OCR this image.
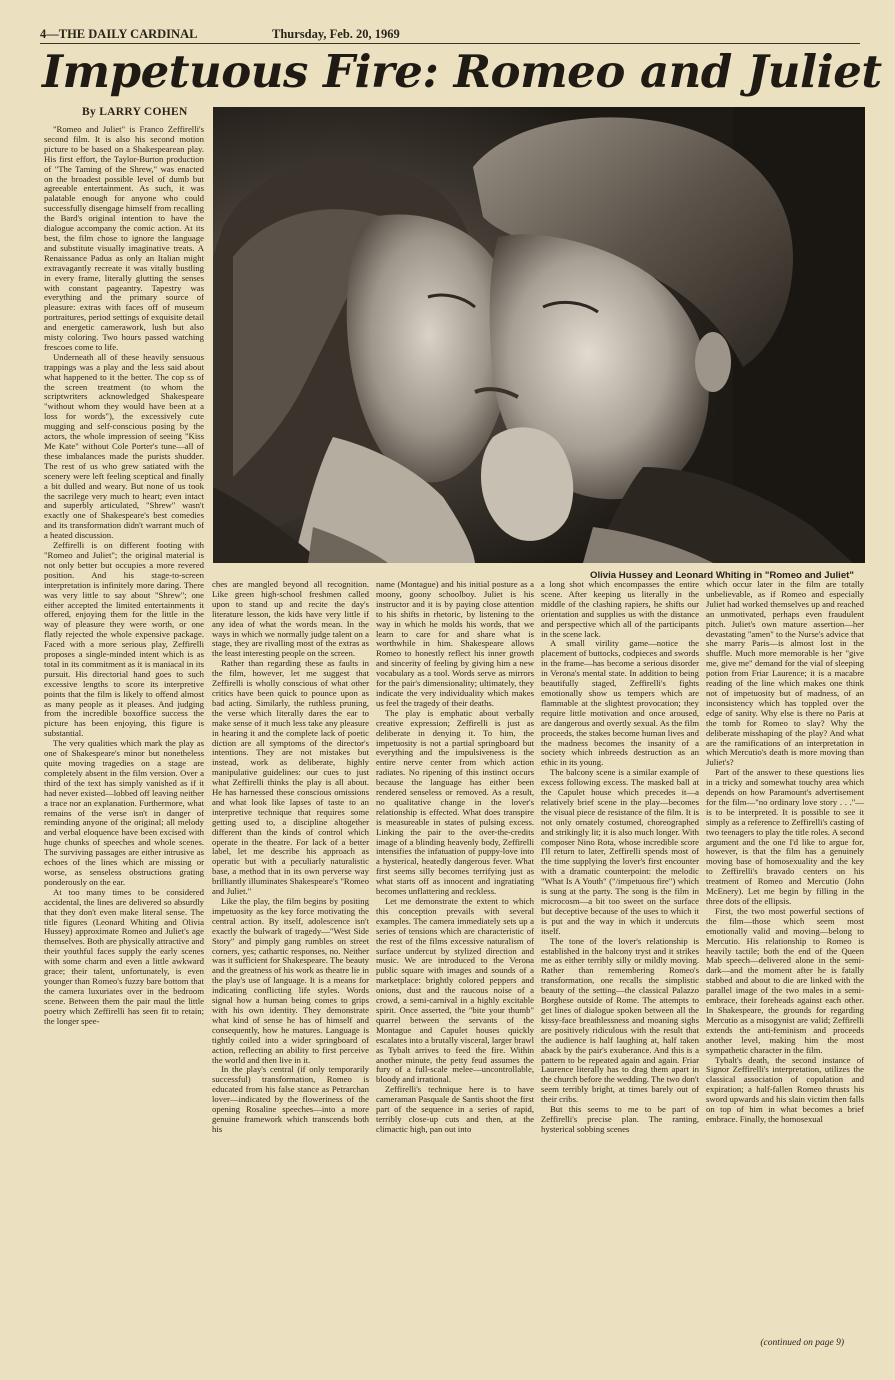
4—THE DAILY CARDINAL	Thursday, Feb. 20, 1969
Impetuous Fire: Romeo and Juliet
By LARRY COHEN
Olivia Hussey and Leonard Whiting in "Romeo and Juliet"

"Romeo and Juliet" is Franco Zeffirelli's second film. It is also his second motion picture to be based on a Shakespearean play. His first effort, the Taylor-Burton production of "The Taming of the Shrew," was enacted on the broadest possible level of dumb but agreeable entertainment. As such, it was palatable enough for anyone who could successfully disengage himself from recalling the Bard's original intention to have the dialogue accompany the comic action. At its best, the film chose to ignore the language and substitute visually imaginative treats. A Renaissance Padua as only an Italian might extravagantly recreate it was vitally bustling in every frame, literally glutting the senses with constant pageantry. Tapestry was everything and the primary source of pleasure: extras with faces off of museum portraitures, period settings of exquisite detail and energetic camerawork, lush but also misty coloring. Two hours passed watching frescoes come to life.

Underneath all of these heavily sensuous trappings was a play and the less said about what happened to it the better. The cop ss of the screen treatment (to whom the scriptwriters acknowledged Shakespeare "without whom they would have been at a loss for words"), the excessively cute mugging and self-conscious posing by the actors, the whole impression of seeing "Kiss Me Kate" without Cole Porter's tune—all of these imbalances made the purists shudder. The rest of us who grew satiated with the scenery were left feeling sceptical and finally a bit dulled and weary. But none of us took the sacrilege very much to heart; even intact and superbly articulated, "Shrew" wasn't exactly one of Shakespeare's best comedies and its transformation didn't warrant much of a heated discussion.

Zeffirelli is on different footing with "Romeo and Juliet"; the original material is not only better but occupies a more revered position. And his stage-to-screen interpretation is infinitely more daring. There was very little to say about "Shrew"; one either accepted the limited entertainments it offered, enjoying them for the little in the way of pleasure they were worth, or one flatly rejected the whole expensive package. Faced with a more serious play, Zeffirelli proposes a single-minded intent which is as total in its commitment as it is maniacal in its pursuit. His directorial hand goes to such excessive lengths to score its interpretive points that the film is likely to offend almost as many people as it pleases. And judging from the incredible boxoffice success the picture has been enjoying, this figure is substantial.

The very qualities which mark the play as one of Shakespeare's minor but nonetheless quite moving tragedies on a stage are completely absent in the film version. Over a third of the text has simply vanished as if it had never existed—lobbed off leaving neither a trace nor an explanation. Furthermore, what remains of the verse isn't in danger of reminding anyone of the original; all melody and verbal eloquence have been excised with huge chunks of speeches and whole scenes. The surviving passages are either intrusive as echoes of the lines which are missing or worse, as senseless obstructions grating ponderously on the ear.

At too many times to be considered accidental, the lines are delivered so absurdly that they don't even make literal sense. The title figures (Leonard Whiting and Olivia Hussey) approximate Romeo and Juliet's age themselves. Both are physically attractive and their youthful faces supply the early scenes with some charm and even a little awkward grace; their talent, unfortunately, is even younger than Romeo's fuzzy bare bottom that the camera luxuriates over in the bedroom scene. Between them the pair maul the little poetry which Zeffirelli has seen fit to retain; the longer spee-

ches are mangled beyond all recognition. Like green high-school freshmen called upon to stand up and recite the day's literature lesson, the kids have very little if any idea of what the words mean. In the ways in which we normally judge talent on a stage, they are rivalling most of the extras as the least interesting people on the screen.

Rather than regarding these as faults in the film, however, let me suggest that Zeffirelli is wholly conscious of what other critics have been quick to pounce upon as bad acting. Similarly, the ruthless pruning, the verse which literally dares the ear to make sense of it much less take any pleasure in hearing it and the complete lack of poetic diction are all symptoms of the director's intentions. They are not mistakes but instead, work as deliberate, highly manipulative guidelines: our cues to just what Zeffirelli thinks the play is all about. He has harnessed these conscious omissions and what look like lapses of taste to an interpretive technique that requires some getting used to, a discipline altogether different than the kinds of control which operate in the theatre. For lack of a better label, let me describe his approach as operatic but with a peculiarly naturalistic base, a method that in its own perverse way brilliantly illuminates Shakespeare's "Romeo and Juliet."

Like the play, the film begins by positing impetuosity as the key force motivating the central action. By itself, adolescence isn't exactly the bulwark of tragedy—"West Side Story" and pimply gang rumbles on street corners, yes; cathartic responses, no. Neither was it sufficient for Shakespeare. The beauty and the greatness of his work as theatre lie in the play's use of language. It is a means for indicating conflicting life styles. Words signal how a human being comes to grips with his own identity. They demonstrate what kind of sense he has of himself and consequently, how he matures. Language is tightly coiled into a wider springboard of action, reflecting an ability to first perceive the world and then live in it.

In the play's central (if only temporarily successful) transformation, Romeo is educated from his false stance as Petrarchan lover—indicated by the floweriness of the opening Rosaline speeches—into a more genuine framework which transcends both his

name (Montague) and his initial posture as a moony, goony schoolboy. Juliet is his instructor and it is by paying close attention to his shifts in rhetoric, by listening to the way in which he molds his words, that we learn to care for and share what is worthwhile in him. Shakespeare allows Romeo to honestly reflect his inner growth and sincerity of feeling by giving him a new vocabulary as a tool. Words serve as mirrors for the pair's dimensionality; ultimately, they indicate the very individuality which makes us feel the tragedy of their deaths.

The play is emphatic about verbally creative expression; Zeffirelli is just as deliberate in denying it. To him, the impetuosity is not a partial springboard but everything and the impulsiveness is the entire nerve center from which action radiates. No ripening of this instinct occurs because the language has either been rendered senseless or removed. As a result, no qualitative change in the lover's relationship is effected. What does transpire is measureable in states of pulsing excess. Linking the pair to the over-the-credits image of a blinding heavenly body, Zeffirelli intensifies the infatuation of puppy-love into a hysterical, heatedly dangerous fever. What first seems silly becomes terrifying just as what starts off as innocent and ingratiating becomes unflattering and reckless.

Let me demonstrate the extent to which this conception prevails with several examples. The camera immediately sets up a series of tensions which are characteristic of the rest of the films excessive naturalism of surface undercut by stylized direction and music. We are introduced to the Verona public square with images and sounds of a marketplace: brightly colored peppers and onions, dust and the raucous noise of a crowd, a semi-carnival in a highly excitable spirit. Once asserted, the "bite your thumb" quarrel between the servants of the Montague and Capulet houses quickly escalates into a brutally visceral, larger brawl as Tybalt arrives to feed the fire. Within another minute, the petty feud assumes the fury of a full-scale melee—uncontrollable, bloody and irrational.

Zeffirelli's technique here is to have cameraman Pasquale de Santis shoot the first part of the sequence in a series of rapid, terribly close-up cuts and then, at the climactic high, pan out into

a long shot which encompasses the entire scene. After keeping us literally in the middle of the clashing rapiers, he shifts our orientation and supplies us with the distance and perspective which all of the participants in the scene lack.

A small virility game—notice the placement of buttocks, codpieces and swords in the frame—has become a serious disorder in Verona's mental state. In addition to being beautifully staged, Zeffirelli's fights emotionally show us tempers which are flammable at the slightest provocation; they require little motivation and once aroused, are dangerous and overtly sexual. As the film proceeds, the stakes become human lives and the madness becomes the insanity of a society which inbreeds destruction as an ethic in its young.

The balcony scene is a similar example of excess following excess. The masked ball at the Capulet house which precedes it—a relatively brief scene in the play—becomes the visual piece de resistance of the film. It is not only ornately costumed, choreographed and strikingly lit; it is also much longer. With composer Nino Rota, whose incredible score I'll return to later, Zeffirelli spends most of the time supplying the lover's first encounter with a dramatic counterpoint: the melodic "What Is A Youth" ("/impetuous fire") which is sung at the party. The song is the film in microcosm—a bit too sweet on the surface but deceptive because of the uses to which it is put and the way in which it undercuts itself.

The tone of the lover's relationship is established in the balcony tryst and it strikes me as either terribly silly or mildly moving. Rather than remembering Romeo's transformation, one recalls the simplistic beauty of the setting—the classical Palazzo Borghese outside of Rome. The attempts to get lines of dialogue spoken between all the kissy-face breathlessness and moaning sighs are positively ridiculous with the result that the audience is half laughing at, half taken aback by the pair's exuberance. And this is a pattern to be repeated again and again. Friar Laurence literally has to drag them apart in the church before the wedding. The two don't seem terribly bright, at times barely out of their cribs.

But this seems to me to be part of Zeffirelli's precise plan. The ranting, hysterical sobbing scenes

which occur later in the film are totally unbelievable, as if Romeo and especially Juliet had worked themselves up and reached an unmotivated, perhaps even fraudulent pitch. Juliet's own mature assertion—her devastating "amen" to the Nurse's advice that she marry Paris—is almost lost in the shuffle. Much more memorable is her "give me, give me" demand for the vial of sleeping potion from Friar Laurence; it is a macabre reading of the line which makes one think not of impetuosity but of madness, of an inconsistency which has toppled over the edge of sanity. Why else is there no Paris at the tomb for Romeo to slay? Why the deliberate misshaping of the play? And what are the ramifications of an interpretation in which Mercutio's death is more moving than Juliet's?

Part of the answer to these questions lies in a tricky and somewhat touchy area which depends on how Paramount's advertisement for the film—"no ordinary love story . . ."—is to be interpreted. It is possible to see it simply as a reference to Zeffirelli's casting of two teenagers to play the title roles. A second argument and the one I'd like to argue for, however, is that the film has a genuinely moving base of homosexuality and the key to Zeffirelli's bravado centers on his treatment of Romeo and Mercutio (John McEnery). Let me begin by filling in the three dots of the ellipsis.

First, the two most powerful sections of the film—those which seem most emotionally valid and moving—belong to Mercutio. His relationship to Romeo is heavily tactile; both the end of the Queen Mab speech—delivered alone in the semi-dark—and the moment after he is fatally stabbed and about to die are linked with the parallel image of the two males in a semi-embrace, their foreheads against each other. In Shakespeare, the grounds for regarding Mercutio as a misogynist are valid; Zeffirelli extends the anti-feminism and proceeds another level, making him the most sympathetic character in the film.

Tybalt's death, the second instance of Signor Zeffirelli's interpretation, utilizes the classical association of copulation and expiration; a half-fallen Romeo thrusts his sword upwards and his slain victim then falls on top of him in what becomes a brief embrace. Finally, the homosexual

(continued on page 9)
